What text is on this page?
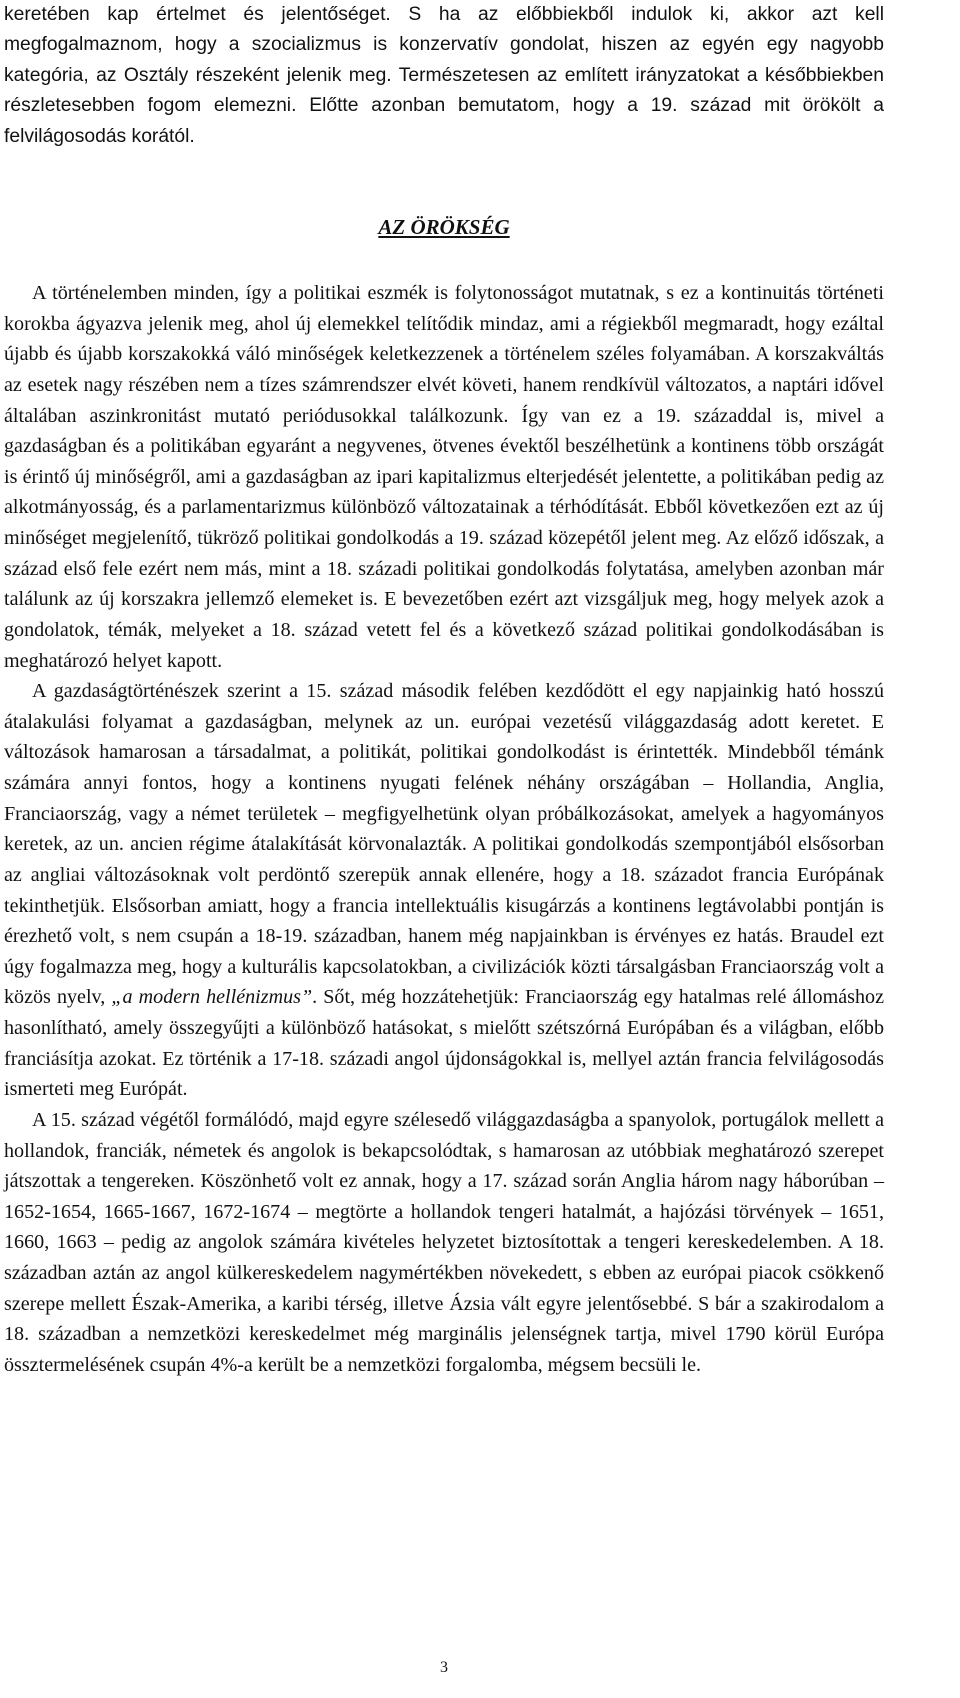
keretében kap értelmet és jelentőséget. S ha az előbbiekből indulok ki, akkor azt kell megfogalmaznom, hogy a szocializmus is konzervatív gondolat, hiszen az egyén egy nagyobb kategória, az Osztály részeként jelenik meg. Természetesen az említett irányzatokat a későbbiekben részletesebben fogom elemezni. Előtte azonban bemutatom, hogy a 19. század mit örökölt a felvilágosodás korától.

AZ ÖRÖKSÉG

A történelemben minden, így a politikai eszmék is folytonosságot mutatnak, s ez a kontinuitás történeti korokba ágyazva jelenik meg, ahol új elemekkel telítődik mindaz, ami a régiekből megmaradt, hogy ezáltal újabb és újabb korszakokká váló minőségek keletkezzenek a történelem széles folyamában. A korszakváltás az esetek nagy részében nem a tízes számrendszer elvét követi, hanem rendkívül változatos, a naptári idővel általában aszinkronitást mutató periódusokkal találkozunk. Így van ez a 19. századdal is, mivel a gazdaságban és a politikában egyaránt a negyvenes, ötvenes évektől beszélhetünk a kontinens több országát is érintő új minőségről, ami a gazdaságban az ipari kapitalizmus elterjedését jelentette, a politikában pedig az alkotmányosság, és a parlamentarizmus különböző változatainak a térhódítását. Ebből következően ezt az új minőséget megjelenítő, tükröző politikai gondolkodás a 19. század közepétől jelent meg. Az előző időszak, a század első fele ezért nem más, mint a 18. századi politikai gondolkodás folytatása, amelyben azonban már találunk az új korszakra jellemző elemeket is. E bevezetőben ezért azt vizsgáljuk meg, hogy melyek azok a gondolatok, témák, melyeket a 18. század vetett fel és a következő század politikai gondolkodásában is meghatározó helyet kapott.

A gazdaságtörténészek szerint a 15. század második felében kezdődött el egy napjainkig ható hosszú átalakulási folyamat a gazdaságban, melynek az un. európai vezetésű világgazdaság adott keretet. E változások hamarosan a társadalmat, a politikát, politikai gondolkodást is érintették. Mindebből témánk számára annyi fontos, hogy a kontinens nyugati felének néhány országában – Hollandia, Anglia, Franciaország, vagy a német területek – megfigyelhetünk olyan próbálkozásokat, amelyek a hagyományos keretek, az un. ancien régime átalakítását körvonalazták. A politikai gondolkodás szempontjából elsősorban az angliai változásoknak volt perdöntő szerepük annak ellenére, hogy a 18. századot francia Európának tekinthetjük. Elsősorban amiatt, hogy a francia intellektuális kisugárzás a kontinens legtávolabbi pontján is érezhető volt, s nem csupán a 18-19. században, hanem még napjainkban is érvényes ez hatás. Braudel ezt úgy fogalmazza meg, hogy a kulturális kapcsolatokban, a civilizációk közti társalgásban Franciaország volt a közös nyelv, „a modern hellénizmus”. Sőt, még hozzátehetjük: Franciaország egy hatalmas relé állomáshoz hasonlítható, amely összegyűjti a különböző hatásokat, s mielőtt szétszórná Európában és a világban, előbb franciásítja azokat. Ez történik a 17-18. századi angol újdonságokkal is, mellyel aztán francia felvilágosodás ismerteti meg Európát.

A 15. század végétől formálódó, majd egyre szélesedő világgazdaságba a spanyolok, portugálok mellett a hollandok, franciák, németek és angolok is bekapcsolódtak, s hamarosan az utóbbiak meghatározó szerepet játszottak a tengereken. Köszönhető volt ez annak, hogy a 17. század során Anglia három nagy háborúban – 1652-1654, 1665-1667, 1672-1674 – megtörte a hollandok tengeri hatalmát, a hajózási törvények – 1651, 1660, 1663 – pedig az angolok számára kivételes helyzetet biztosítottak a tengeri kereskedelemben. A 18. században aztán az angol külkereskedelem nagymértékben növekedett, s ebben az európai piacok csökkenő szerepe mellett Észak-Amerika, a karibi térség, illetve Ázsia vált egyre jelentősebbé. S bár a szakirodalom a 18. században a nemzetközi kereskedelmet még marginális jelenségnek tartja, mivel 1790 körül Európa össztermelésének csupán 4%-a került be a nemzetközi forgalomba, mégsem becsüli le.

3
